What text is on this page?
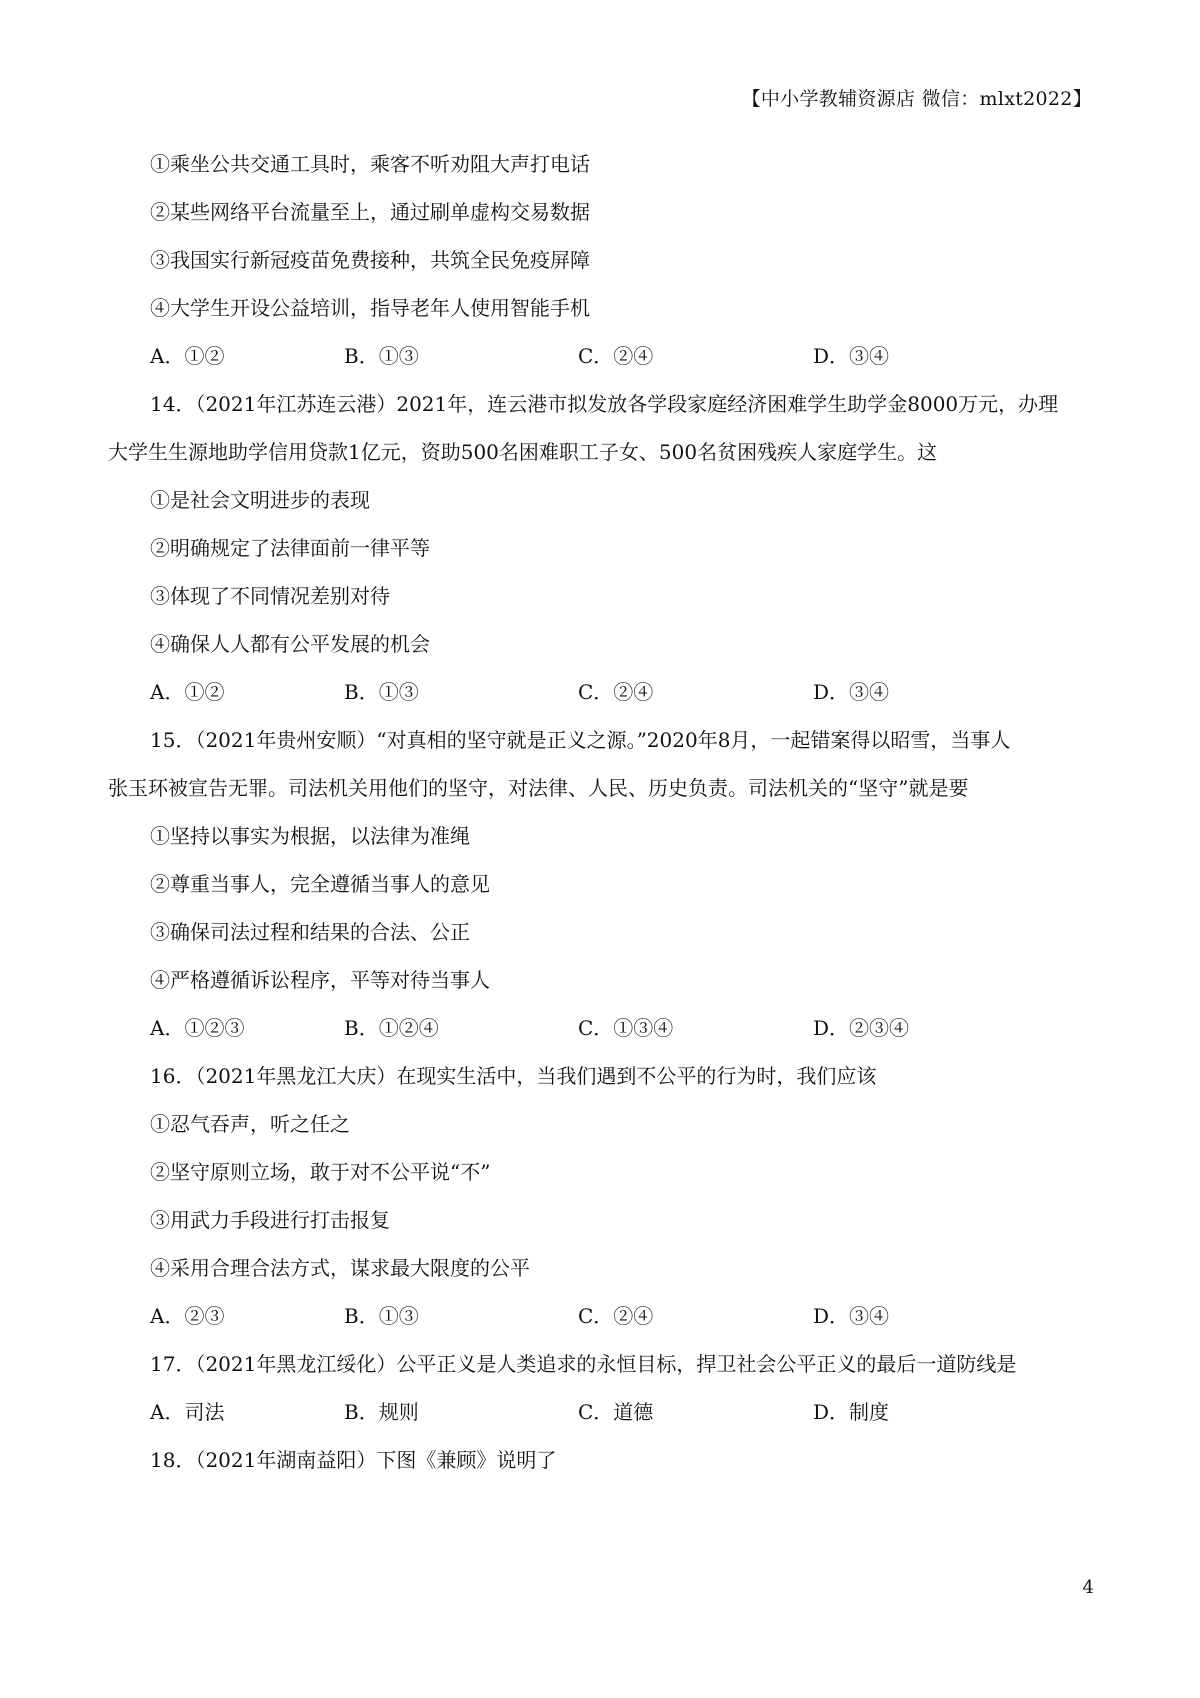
【中小学教辅资源店 微信：mlxt2022】
①乘坐公共交通工具时，乘客不听劝阻大声打电话
②某些网络平台流量至上，通过刷单虚构交易数据
③我国实行新冠疫苗免费接种，共筑全民免疫屏障
④大学生开设公益培训，指导老年人使用智能手机
A．①②	B．①③	C．②④	D．③④
14．（2021年江苏连云港）2021年，连云港市拟发放各学段家庭经济困难学生助学金8000万元，办理
大学生生源地助学信用贷款1亿元，资助500名困难职工子女、500名贫困残疾人家庭学生。这
①是社会文明进步的表现
②明确规定了法律面前一律平等
③体现了不同情况差别对待
④确保人人都有公平发展的机会
A．①②	B．①③	C．②④	D．③④
15．（2021年贵州安顺）“对真相的坚守就是正义之源。”2020年8月，一起错案得以昭雪，当事人
张玉环被宣告无罪。司法机关用他们的坚守，对法律、人民、历史负责。司法机关的“坚守”就是要
①坚持以事实为根据，以法律为准绳
②尊重当事人，完全遵循当事人的意见
③确保司法过程和结果的合法、公正
④严格遵循诉讼程序，平等对待当事人
A．①②③	B．①②④	C．①③④	D．②③④
16．（2021年黑龙江大庆）在现实生活中，当我们遇到不公平的行为时，我们应该
①忍气吞声，听之任之
②坚守原则立场，敢于对不公平说“不”
③用武力手段进行打击报复
④采用合理合法方式，谋求最大限度的公平
A．②③	B．①③	C．②④	D．③④
17．（2021年黑龙江绥化）公平正义是人类追求的永恒目标，捍卫社会公平正义的最后一道防线是
A．司法	B．规则	C．道德	D．制度
18．（2021年湖南益阳）下图《兼顾》说明了
4
